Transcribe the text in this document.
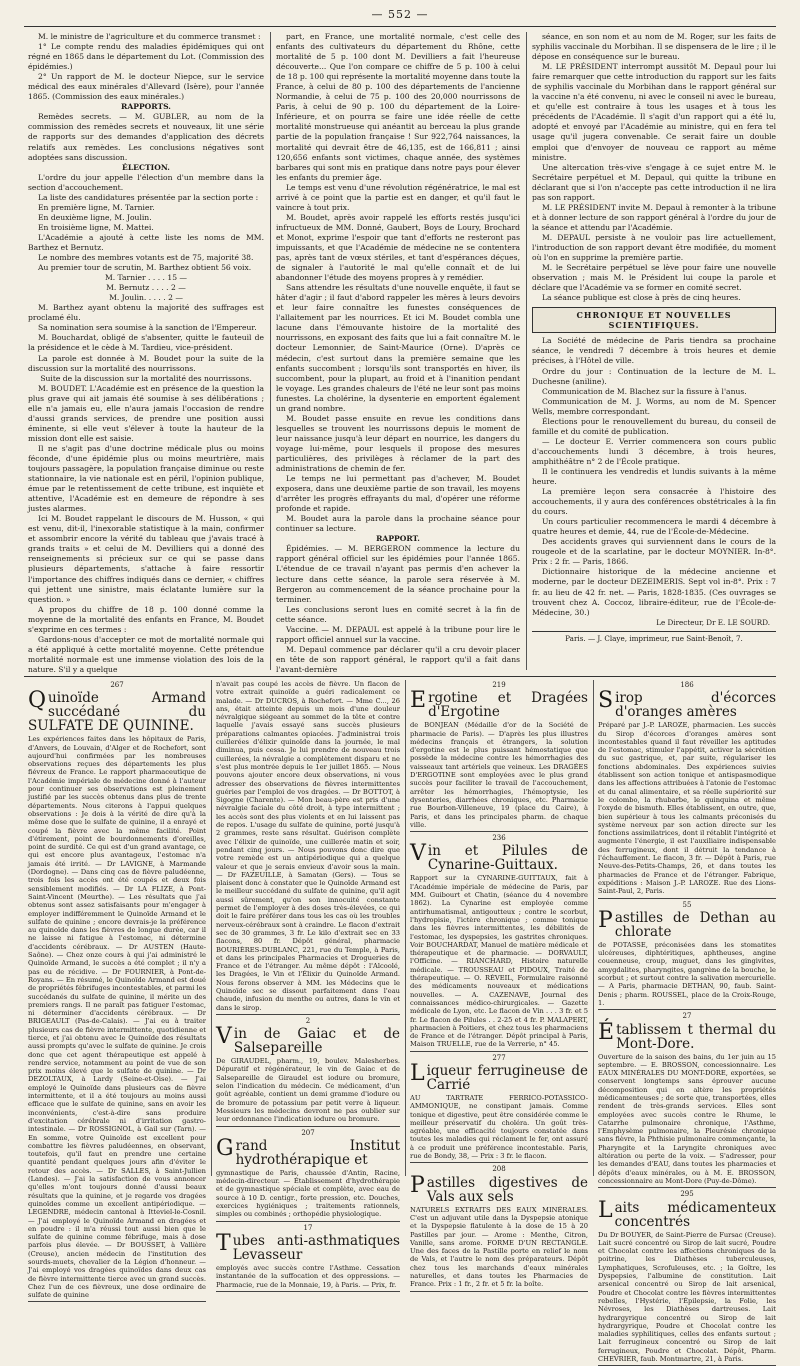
— 552 —

M. le ministre de l'agriculture et du commerce transmet :

1° Le compte rendu des maladies épidémiques qui ont régné en 1865 dans le département du Lot. (Commission des épidémies.)

2° Un rapport de M. le docteur Niepce, sur le service médical des eaux minérales d'Allevard (Isère), pour l'année 1865. (Commission des eaux minérales.)

RAPPORTS.

Remèdes secrets. — M. GUBLER, au nom de la commission des remèdes secrets et nouveaux, lit une série de rapports sur des demandes d'application des décrets relatifs aux remèdes. Les conclusions négatives sont adoptées sans discussion.

ÉLECTION.

L'ordre du jour appelle l'élection d'un membre dans la section d'accouchement.

La liste des candidatures présentée par la section porte :

En première ligne, M. Tarnier.

En deuxième ligne, M. Joulin.

En troisième ligne, M. Mattei.

L'Académie a ajouté à cette liste les noms de MM. Barthez et Bernutz.

Le nombre des membres votants est de 75, majorité 38.

Au premier tour de scrutin, M. Barthez obtient 56 voix.

M. Tarnier . . . . 15 —

M. Bernutz . . . . 2 —

M. Joulin. . . . . 2 —

M. Barthez ayant obtenu la majorité des suffrages est proclamé élu.

Sa nomination sera soumise à la sanction de l'Empereur.

M. Bouchardat, obligé de s'absenter, quitte le fauteuil de la présidence et le cède à M. Tardieu, vice-président.

La parole est donnée à M. Boudet pour la suite de la discussion sur la mortalité des nourrissons.

Suite de la discussion sur la mortalité des nourrissons.

M. BOUDET. L'Académie est en présence de la question la plus grave qui ait jamais été soumise à ses délibérations ; elle n'a jamais eu, elle n'aura jamais l'occasion de rendre d'aussi grands services, de prendre une position aussi éminente, si elle veut s'élever à toute la hauteur de la mission dont elle est saisie.

Il ne s'agit pas d'une doctrine médicale plus ou moins féconde, d'une épidémie plus ou moins meurtrière, mais toujours passagère, la population française diminue ou reste stationnaire, la vie nationale est en péril, l'opinion publique, émue par le retentissement de cette tribune, est inquiète et attentive, l'Académie est en demeure de répondre à ses justes alarmes.

Ici M. Boudet rappelant le discours de M. Husson, « qui est venu, dit-il, l'inexorable statistique à la main, confirmer et assombrir encore la vérité du tableau que j'avais tracé à grands traits » et celui de M. Devilliers qui a donné des renseignements si précieux sur ce qui se passe dans plusieurs départements, s'attache à faire ressortir l'importance des chiffres indiqués dans ce dernier, « chiffres qui jettent une sinistre, mais éclatante lumière sur la question. »

A propos du chiffre de 18 p. 100 donné comme la moyenne de la mortalité des enfants en France, M. Boudet s'exprime en ces termes :

Gardons-nous d'accepter ce mot de mortalité normale qui a été appliqué à cette mortalité moyenne. Cette prétendue mortalité normale est une immense violation des lois de la nature. S'il y a quelque

part, en France, une mortalité normale, c'est celle des enfants des cultivateurs du département du Rhône, cette mortalité de 5 p. 100 dont M. Devilliers a fait l'heureuse découverte... Que l'on compare ce chiffre de 5 p. 100 à celui de 18 p. 100 qui représente la mortalité moyenne dans toute la France, à celui de 80 p. 100 des départements de l'ancienne Normandie, à celui de 75 p. 100 des 20,000 nourrissons de Paris, à celui de 90 p. 100 du département de la Loire-Inférieure, et on pourra se faire une idée réelle de cette mortalité monstrueuse qui anéantit au berceau la plus grande partie de la population française ! Sur 922,764 naissances, la mortalité qui devrait être de 46,135, est de 166,811 ; ainsi 120,656 enfants sont victimes, chaque année, des systèmes barbares qui sont mis en pratique dans notre pays pour élever les enfants du premier âge.

Le temps est venu d'une révolution régénératrice, le mal est arrivé à ce point que la partie est en danger, et qu'il faut le vaincre à tout prix.

M. Boudet, après avoir rappelé les efforts restés jusqu'ici infructueux de MM. Donné, Gaubert, Boys de Loury, Brochard et Monot, exprime l'espoir que tant d'efforts ne resteront pas impuissants, et que l'Académie de médecine ne se contentera pas, après tant de vœux stériles, et tant d'espérances déçues, de signaler à l'autorité le mal qu'elle connaît et de lui abandonner l'étude des moyens propres à y remédier.

Sans attendre les résultats d'une nouvelle enquête, il faut se hâter d'agir ; il faut d'abord rappeler les mères à leurs devoirs et leur faire connaître les funestes conséquences de l'allaitement par les nourrices. Et ici M. Boudet combla une lacune dans l'émouvante histoire de la mortalité des nourrissons, en exposant des faits que lui a fait connaître M. le docteur Lemonnier, de Saint-Maurice (Orne). D'après ce médecin, c'est surtout dans la première semaine que les enfants succombent ; lorsqu'ils sont transportés en hiver, ils succombent, pour la plupart, au froid et à l'inanition pendant le voyage. Les grandes chaleurs de l'été ne leur sont pas moins funestes. La cholérine, la dysenterie en emportent également un grand nombre.

M. Boudet passe ensuite en revue les conditions dans lesquelles se trouvent les nourrissons depuis le moment de leur naissance jusqu'à leur départ en nourrice, les dangers du voyage lui-même, pour lesquels il propose des mesures particulières, des privilèges à réclamer de la part des administrations de chemin de fer.

Le temps ne lui permettant pas d'achever, M. Boudet exposera, dans une deuxième partie de son travail, les moyens d'arrêter les progrès effrayants du mal, d'opérer une réforme profonde et rapide.

M. Boudet aura la parole dans la prochaine séance pour continuer sa lecture.

RAPPORT.

Épidémies. — M. BERGERON commence la lecture du rapport général officiel sur les épidémies pour l'année 1865. L'étendue de ce travail n'ayant pas permis d'en achever la lecture dans cette séance, la parole sera réservée à M. Bergeron au commencement de la séance prochaine pour la terminer.

Les conclusions seront lues en comité secret à la fin de cette séance.

Vaccine. — M. DEPAUL est appelé à la tribune pour lire le rapport officiel annuel sur la vaccine.

M. Depaul commence par déclarer qu'il a cru devoir placer en tête de son rapport général, le rapport qu'il a fait dans l'avant-dernière

séance, en son nom et au nom de M. Roger, sur les faits de syphilis vaccinale du Morbihan. Il se dispensera de le lire ; il le dépose en conséquence sur le bureau.

M. LE PRÉSIDENT interrompt aussitôt M. Depaul pour lui faire remarquer que cette introduction du rapport sur les faits de syphilis vaccinale du Morbihan dans le rapport général sur la vaccine n'a été convenu, ni avec le conseil ni avec le bureau, et qu'elle est contraire à tous les usages et à tous les précédents de l'Académie. Il s'agit d'un rapport qui a été lu, adopté et envoyé par l'Académie au ministre, qui en fera tel usage qu'il jugera convenable. Ce serait faire un double emploi que d'envoyer de nouveau ce rapport au même ministre.

Une altercation très-vive s'engage à ce sujet entre M. le Secrétaire perpétuel et M. Depaul, qui quitte la tribune en déclarant que si l'on n'accepte pas cette introduction il ne lira pas son rapport.

M. LE PRÉSIDENT invite M. Depaul à remonter à la tribune et à donner lecture de son rapport général à l'ordre du jour de la séance et attendu par l'Académie.

M. DEPAUL persiste à ne vouloir pas lire actuellement, l'introduction de son rapport devant être modifiée, du moment où l'on en supprime la première partie.

M. le Secrétaire perpétuel se lève pour faire une nouvelle observation ; mais M. le Président lui coupe la parole et déclare que l'Académie va se former en comité secret.

La séance publique est close à près de cinq heures.

CHRONIQUE ET NOUVELLES SCIENTIFIQUES.

La Société de médecine de Paris tiendra sa prochaine séance, le vendredi 7 décembre à trois heures et demie précises, à l'Hôtel de ville.

Ordre du jour : Continuation de la lecture de M. L. Duchesne (aniline).

Communication de M. Blachez sur la fissure à l'anus.

Communication de M. J. Worms, au nom de M. Spencer Wells, membre correspondant.

Élections pour le renouvellement du bureau, du conseil de famille et du comité de publication.

— Le docteur E. Verrier commencera son cours public d'accouchements lundi 3 décembre, à trois heures, amphithéâtre n° 2 de l'École pratique.

Il le continuera les vendredis et lundis suivants à la même heure.

La première leçon sera consacrée à l'histoire des accouchements, il y aura des conférences obstétricales à la fin du cours.

Un cours particulier recommencera le mardi 4 décembre à quatre heures et demie, 44, rue de l'École-de-Médecine.

Des accidents graves qui surviennent dans le cours de la rougeole et de la scarlatine, par le docteur MOYNIER. In-8°. Prix : 2 fr. — Paris, 1866.

Dictionnaire historique de la médecine ancienne et moderne, par le docteur DEZEIMERIS. Sept vol in-8°. Prix : 7 fr. au lieu de 42 fr. net. — Paris, 1828-1835. (Ces ouvrages se trouvent chez A. Coccoz, libraire-éditeur, rue de l'École-de-Médecine, 30.)

Le Directeur, Dr E. LE SOURD.
Paris. — J. Claye, imprimeur, rue Saint-Benoît, 7.
267
Quinoïde Armand succédané du SULFATE DE QUININE.

Les expériences faites dans les hôpitaux de Paris, d'Anvers, de Louvain, d'Alger et de Rochefort, sont aujourd'hui confirmées par les nombreuses observations reçues des départements les plus fiévreux de France. Le rapport pharmaceutique de l'Académie impériale de médecine donné à l'auteur pour continuer ses observations est pleinement justifié par les succès obtenus dans plus de trente départements. Nous citerons à l'appui quelques observations : Je dois à la vérité de dire qu'à la même dose que le sulfate de quinine, il a enrayé et coupé la fièvre avec la même facilité. Point d'étirement, point de bourdonnements d'oreilles, point de surdité. Ce qui est d'un grand avantage, ce qui est encore plus avantageux, l'estomac n'a jamais été irrité. — Dr LAVIGNE, à Marmande (Dordogne). — Dans cinq cas de fièvre paludéenne, trois fois les accès ont été coupés et deux fois sensiblement modifiés. — Dr LA FLIZE, à Pont-Saint-Vincent (Meurthe). — Les résultats que j'ai obtenus sont assez satisfaisants pour m'engager à employer indifféremment le Quinoïde Armand et le sulfate de quinine ; encore devrais-je la préférence au quinoïde dans les fièvres de longue durée, car il ne laisse ni fatigue à l'estomac, ni détermine d'accidents cérébraux. — Dr AUSTEN (Haute-Saône). — Chez onze cours à qui j'ai administré le Quinoïde Armand, le succès a été complet ; il n'y a pas eu de récidive. — Dr FOURNIER, à Pont-de-Royans. — En résumé, le Quinoïde Armand est doué de propriétés fébrifuges incontestables, et parmi les succédanés du sulfate de quinine, il mérite un des premiers rangs. Il ne paraît pas fatiguer l'estomac, ni déterminer d'accidents cérébraux. — Dr BRIGEAULT (Pas-de-Calais). — J'ai eu à traiter plusieurs cas de fièvre intermittente, quotidienne et tierce, et j'ai obtenu avec le Quinoïde des résultats aussi prompts qu'avec le sulfate de quinine. Je crois donc que cet agent thérapeutique est appelé à rendre service, notamment au point de vue de son prix moins élevé que le sulfate de quinine. — Dr DEZOLTAUX, à Lardy (Seine-et-Oise). — J'ai employé le Quinoïde dans plusieurs cas de fièvre intermittente, et il a été toujours au moins aussi efficace que le sulfate de quinine, sans en avoir les inconvénients, c'est-à-dire sans produire d'excitation cérébrale ni d'irritation gastro-intestinale. — Dr ROSSIGNOL, à Gail sur (Tarn). — En somme, votre Quinoïde est excellent pour combattre les fièvres paludéennes, en observant, toutefois, qu'il faut en prendre une certaine quantité pendant quelques jours afin d'éviter le retour des accès. — Dr SALLES, à Saint-Jullien (Landes). — J'ai la satisfaction de vous annoncer qu'elles m'ont toujours donné d'aussi beaux résultats que la quinine, et je regarde vos dragées quinoïdes comme un excellent antipériodique. — LEGENDRE, médecin cantonal à Itteviel-le-Cosnil. — J'ai employé le Quinoïde Armand en dragées et en poudre : il m'a réussi tout aussi bien que le sulfate de quinine comme fébrifuge, mais à dose parfois plus élevée. — Dr BOUSSET, à Vallière (Creuse), ancien médecin de l'institution des sourds-muets, chevalier de la Légion d'honneur. — J'ai employé vos dragées quinoïdes dans deux cas de fièvre intermittente tierce avec un grand succès. Chez l'un de ces fièvreux, une dose ordinaire de sulfate de quinine

n'avait pas coupé les accès de fièvre. Un flacon de votre extrait quinoïde a guéri radicalement ce malade. — Dr DUCROS, à Rochefort. — Mme C..., 26 ans, était atteinte depuis un mois d'une douleur névralgique siégeant au sommet de la tête et contre laquelle j'avais essayé sans succès plusieurs préparations calmantes opiacées. J'administrai trois cuillerées d'élixir quinoïde dans la journée, le mal diminua, puis cessa. Je lui prendre de nouveau trois cuillerées, la névralgie a complètement disparu et ne s'est plus montrée depuis le 1er juillet 1865. — Nous pouvons ajouter encore deux observations, ni vous adresser des observations de fièvres intermittentes guéries par l'emploi de vos dragées. — Dr BOTTOT, à Sigogne (Charente). — Mon beau-père est pris d'une névralgie faciale du côté droit, à type intermittent ; les accès sont des plus violents et en lui laissent pas de repos. L'usage du sulfate de quinine, porté jusqu'à 2 grammes, reste sans résultat. Guérison complète avec l'élixir de quinoïde, une cuillerée matin et soir, pendant cinq jours. — Nous pouvons donc dire que votre remède est un antipériodique qui a quelque valeur et que je serais envieux d'avoir sous la main. — Dr FAZEUILLE, à Samatan (Gers). — Tous se plaisent donc à constater que le Quinoïde Armand est le meilleur succédané du sulfate de quinine, qu'il agit aussi sûrement, qu'on son innocuité constante permet de l'employer à des doses très-élevées, ce qui doit le faire préférer dans tous les cas où les troubles nerveux-cérébraux sont à craindre. Le flacon d'extrait sec de 30 grammes, 3 fr. Le kilo d'extrait sec en 33 flacons, 80 fr. Dépôt général, pharmacie BOURIÈRES-DUBLANC, 221, rue du Temple, à Paris, et dans les principales Pharmacies et Drogueries de France et de l'étranger. Au même dépôt : l'Alcoolé, les Dragées, le Vin et l'Élixir du Quinoïde Armand. Nous ferons observer à MM. les Médecins que le Quinoïde sec se dissout parfaitement dans l'eau chaude, infusion du menthe ou autres, dans le vin et dans le sirop.

2
Vin de Gaiac et de Salsepareille

De GIRAUDEL, pharm., 19, boulev. Malesherbes. Dépuratif et régénérateur, le vin de Gaiac et de Salsepareille de Giraudel est iodure ou bromure, selon l'indication du médecin. Ce médicament, d'un goût agréable, contient un demi gramme d'iodure ou de bromure de potassium par petit verre à liqueur. Messieurs les médecins devront ne pas oublier sur leur ordonnance l'indication iodure ou bromure.

207
Grand Institut hydrothérapique et

gymnastique de Paris, chaussée d'Antin, Racine, médecin-directeur. — Établissement d'hydrothérapie et de gymnastique spéciale et complète, avec eau de source à 10 D. centigr., forte pression, etc. Douches, exercices hygiéniques ; traitements rationnels, simples ou combinés ; orthopédie physiologique.

17
Tubes anti-asthmatiques Levasseur

employés avec succès contre l'Asthme. Cessation instantanée de la suffocation et des oppressions. — Pharmacie, rue de la Monnaie, 19, à Paris. — Prix, fr.

219
Ergotine et Dragées d'Ergotine

de BONJEAN (Médaille d'or de la Société de pharmacie de Paris). — D'après les plus illustres médecins français et étrangers, la solution d'ergotine est le plus puissant hémostatique que possède la médecine contre les hémorrhagies des vaisseaux tant artériels que veineux. Les DRAGÉES D'ERGOTINE sont employées avec le plus grand succès pour faciliter le travail de l'accouchement, arrêter les hémorrhagies, l'hémoptysie, les dysenteries, diarrhées chroniques, etc. Pharmacie rue Bourbon-Villeneuve, 19 (place du Caire), à Paris, et dans les principales pharm. de chaque ville.

236
Vin et Pilules de Cynarine-Guittaux.

Rapport sur la CYNARINE-GUITTAUX, fait à l'Académie impériale de médecine de Paris, par MM. Guibourt et Chatin, (séance du 4 novembre 1862). La Cynarine est employée comme antirhumatismal, antigoutteux ; contre le scorbut, l'hydropisie, l'ictère chronique ; comme tonique dans les fièvres intermittentes, les débilités de l'estomac, les dyspepsies, les gastrites chroniques. Voir BOUCHARDAT, Manuel de matière médicale et thérapeutique et de pharmacie. — DORVAULT, l'Officine. — RIANCHARD, Histoire naturelle médicale. — TROUSSEAU et PIDOUX, Traité de thérapeutique. — O. RÉVEIL, Formulaire raisonné des médicaments nouveaux et médications nouvelles. — A. CAZENAVE, Journal des connaissances médico-chirurgicales. — Gazette médicale de Lyon, etc. Le flacon de Vin . . . 3 fr. et 5 fr. Le flacon de Pilules . . 2-25 et 4 fr. P. MALAPERT, pharmacien à Poitiers, et chez tous les pharmaciens de France et de l'étranger. Dépôt principal à Paris, Maison TRUELLE, rue de la Verrerie, n° 45.

277
Liqueur ferrugineuse de Carrié

AU TARTRATE FERRICO-POTASSICO-AMMONIQUE, ne constipant jamais. Comme tonique et digestive, peut être considérée comme le meilleur préservatif du choléra. Un goût très-agréable, une efficacité toujours constatée dans toutes les maladies qui réclament le fer, ont assuré à ce produit une préférence incontestable. Paris, rue de Bondy, 38, — Prix : 3 fr. le flacon.

208
Pastilles digestives de Vals aux sels

NATURELS EXTRAITS DES EAUX MINÉRALES. C'est un adjuvant utile dans la Dyspepsie atonique et la Dyspepsie flatulente à la dose de 15 à 20 Pastilles par jour. — Arome : Menthe, Citron, Vanille, sans arome. FORME D'UN RECTANGLE. Une des faces de la Pastille porte en relief le nom de Vals, et l'autre le nom des préparateurs. Dépôt chez tous les marchands d'eaux minérales naturelles, et dans toutes les Pharmacies de France. Prix : 1 fr., 2 fr. et 5 fr. la boîte.

186
Sirop d'écorces d'oranges amères

Préparé par J.-P. LAROZE, pharmacien. Les succès du Sirop d'écorces d'oranges amères sont incontestables quand il faut réveiller les aptitudes de l'estomac, stimuler l'appétit, activer la sécrétion du suc gastrique, et, par suite, régulariser les fonctions abdominales. Des expériences suivies établissent son action tonique et antispasmodique dans les affections attribuées à l'atonie de l'estomac et du canal alimentaire, et sa réelle supériorité sur le colombo, la rhubarbe, le quinquina et même l'oxyde de bismuth. Elles établissent, en outre, que, bien supérieur à tous les calmants préconisés du système nerveux par son action directe sur les fonctions assimilatrices, dont il rétablit l'intégrité et augmente l'énergie, il est l'auxiliaire indispensable des ferrugineux, dont il détruit la tendance à l'échauffement. Le flacon, 3 fr. — Dépôt à Paris, rue Neuve-des-Petits-Champs, 26, et dans toutes les pharmacies de France et de l'étranger. Fabrique, expéditions : Maison J.-P. LAROZE. Rue des Lions-Saint-Paul, 2, Paris.

55
Pastilles de Dethan au chlorate

de POTASSE, préconisées dans les stomatites ulcéreuses, diphtéritiques, aphtheuses, angine couenneuse, croup, muguet, dans les gingivites, amygdalites, pharyngites, gangrène de la bouche, le scorbut ; et surtout contre la salivation mercurielle. — A Paris, pharmacie DETHAN, 90, faub. Saint-Denis ; pharm. ROUSSEL, place de la Croix-Rouge, 1.

27
Établissem t thermal du Mont-Dore.

Ouverture de la saison des bains, du 1er juin au 15 septembre. — E. BROSSON, concessionnaire. Les EAUX MINÉRALES DU MONT-DORE, exportées, se conservent longtemps sans éprouver aucune décomposition qui en altère les propriétés médicamenteuses ; de sorte que, transportées, elles rendent de très-grands services. Elles sont employées avec succès contre le Rhume, le Catarrhe pulmonaire chronique, l'Asthme, l'Emphysème pulmonaire, la Pleurésie chronique sans fièvre, la Phthisie pulmonaire commençante, la Pharyngite et la Laryngite chroniques avec altération ou perte de la voix. — S'adresser, pour les demandes d'EAU, dans toutes les pharmacies et dépôts d'eaux minérales, ou à M. E. BROSSON, concessionnaire au Mont-Dore (Puy-de-Dôme).

295
Laits médicamenteux concentrés

Du Dr BOUYER, de Saint-Pierre de Fursac (Creuse). Lait sucré concentré ou Sirop de lait sucré, Poudre et Chocolat contre les affections chroniques de la poitrine, les Diathèses tuberculeuses, Lymphatiques, Scrofuleuses, etc. ; la Goître, les Dyspepsies, l'albumine de constitution. Lait arsenical concentré ou Sirop de lait arsenical, Poudre et Chocolat contre les fièvres intermittentes rebelles, l'Hystérie, l'Épilepsie, la Folie, les Névroses, les Diathèses dartreuses. Lait hydrargyrique concentré ou Sirop de lait hydrargyrique, Poudre et Chocolat contre les maladies syphilitiques, celles des enfants surtout ; Lait ferrugineux concentré ou Sirop de lait ferrugineux, Poudre et Chocolat. Dépôt, Pharm. CHEVRIER, faub. Montmartre, 21, à Paris.
